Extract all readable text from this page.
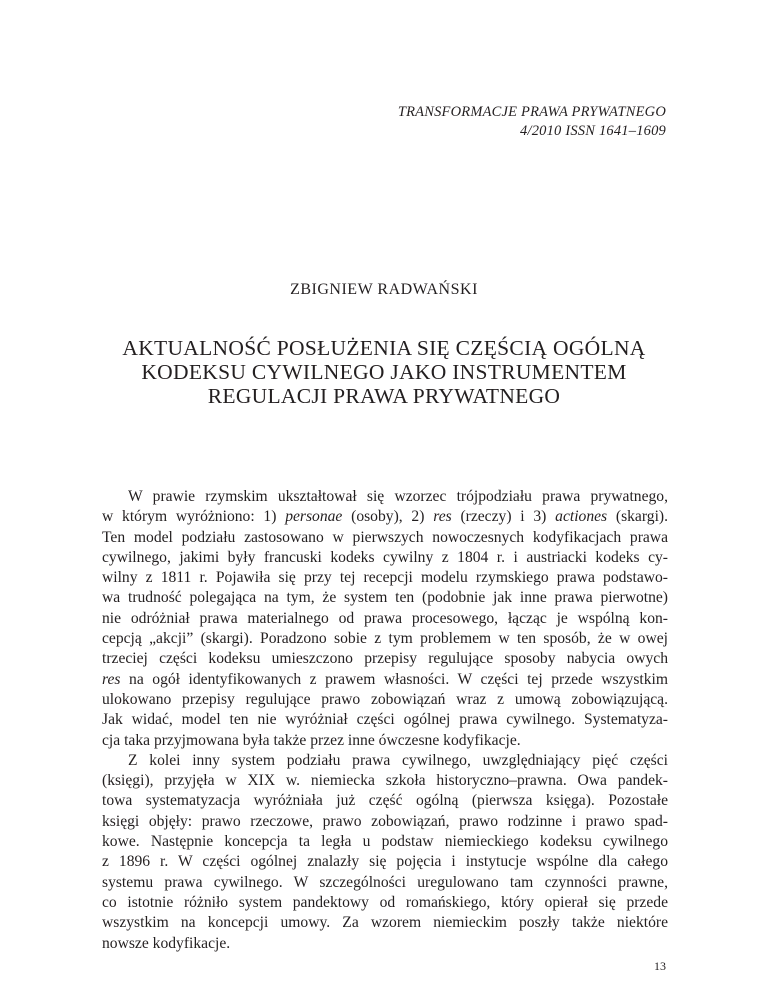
TRANSFORMACJE PRAWA PRYWATNEGO
4/2010 ISSN 1641–1609
ZBIGNIEW RADWAŃSKI
AKTUALNOŚĆ POSŁUŻENIA SIĘ CZĘŚCIĄ OGÓLNĄ
KODEKSU CYWILNEGO JAKO INSTRUMENTEM
REGULACJI PRAWA PRYWATNEGO

W prawie rzymskim ukształtował się wzorzec trójpodziału prawa prywatnego,
w którym wyróżniono: 1) personae (osoby), 2) res (rzeczy) i 3) actiones (skargi).
Ten model podziału zastosowano w pierwszych nowoczesnych kodyfikacjach prawa
cywilnego, jakimi były francuski kodeks cywilny z 1804 r. i austriacki kodeks cy-
wilny z 1811 r. Pojawiła się przy tej recepcji modelu rzymskiego prawa podstawo-
wa trudność polegająca na tym, że system ten (podobnie jak inne prawa pierwotne)
nie odróżniał prawa materialnego od prawa procesowego, łącząc je wspólną kon-
cepcją „akcji” (skargi). Poradzono sobie z tym problemem w ten sposób, że w owej
trzeciej części kodeksu umieszczono przepisy regulujące sposoby nabycia owych
res na ogół identyfikowanych z prawem własności. W części tej przede wszystkim
ulokowano przepisy regulujące prawo zobowiązań wraz z umową zobowiązującą.
Jak widać, model ten nie wyróżniał części ogólnej prawa cywilnego. Systematyza-
cja taka przyjmowana była także przez inne ówczesne kodyfikacje.

Z kolei inny system podziału prawa cywilnego, uwzględniający pięć części
(księgi), przyjęła w XIX w. niemiecka szkoła historyczno–prawna. Owa pandek-
towa systematyzacja wyróżniała już część ogólną (pierwsza księga). Pozostałe
księgi objęły: prawo rzeczowe, prawo zobowiązań, prawo rodzinne i prawo spad-
kowe. Następnie koncepcja ta legła u podstaw niemieckiego kodeksu cywilnego
z 1896 r. W części ogólnej znalazły się pojęcia i instytucje wspólne dla całego
systemu prawa cywilnego. W szczególności uregulowano tam czynności prawne,
co istotnie różniło system pandektowy od romańskiego, który opierał się przede
wszystkim na koncepcji umowy. Za wzorem niemieckim poszły także niektóre
nowsze kodyfikacje.

13
